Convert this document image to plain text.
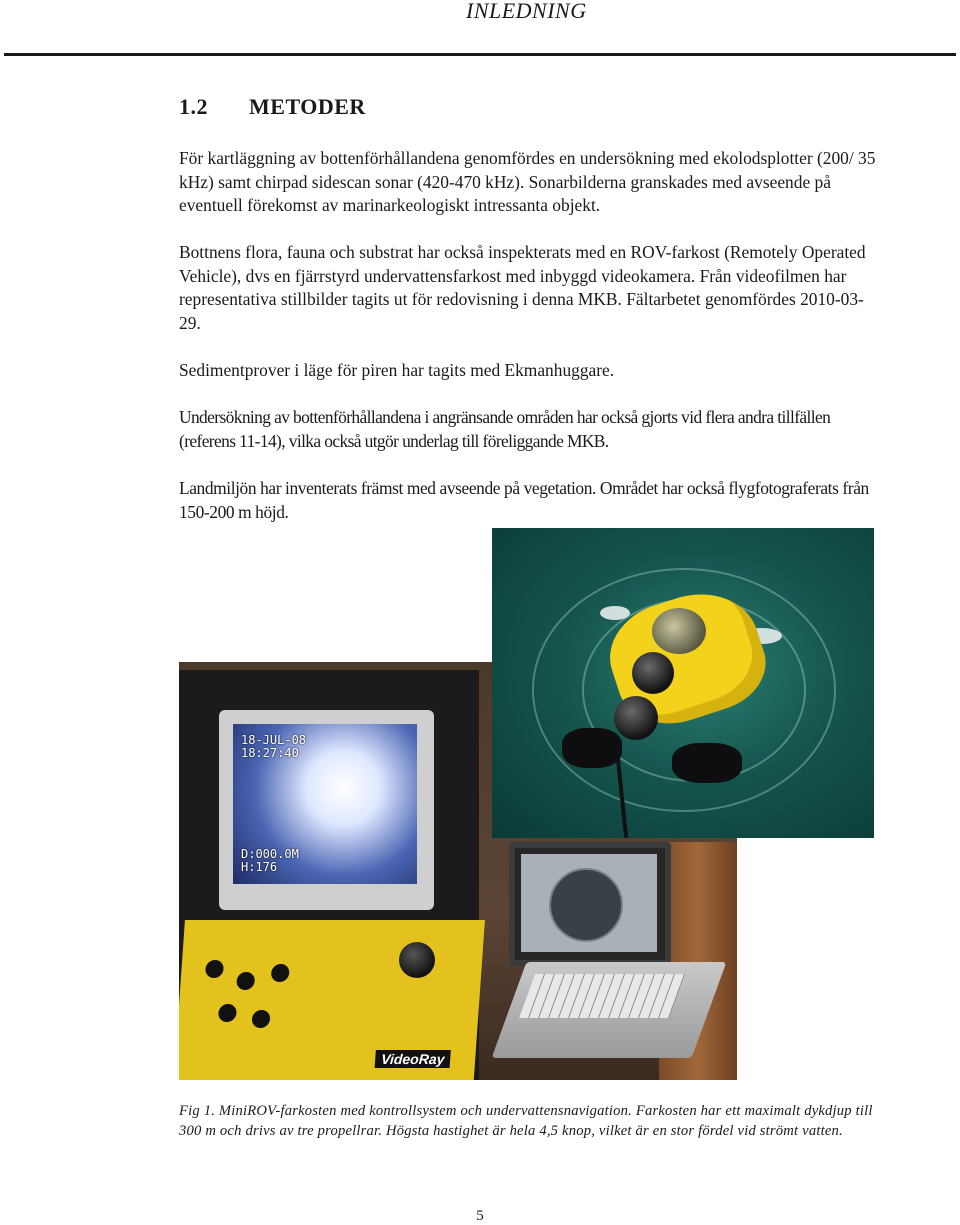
INLEDNING
1.2 METODER

För kartläggning av bottenförhållandena genomfördes en undersökning med ekolodsplotter (200/ 35 kHz) samt chirpad sidescan sonar (420-470 kHz). Sonarbilderna granskades med avseende på eventuell förekomst av marinarkeologiskt intressanta objekt.

Bottnens flora, fauna och substrat har också inspekterats med en ROV-farkost (Remotely Operated Vehicle), dvs en fjärrstyrd undervattensfarkost med inbyggd videokamera. Från videofilmen har representativa stillbilder tagits ut för redovisning i denna MKB. Fältarbetet genomfördes 2010-03-29.

Sedimentprover i läge för piren har tagits med Ekmanhuggare.

Undersökning av bottenförhållandena i angränsande områden har också gjorts vid flera andra tillfällen (referens 11-14), vilka också utgör underlag till föreliggande MKB.

Landmiljön har inventerats främst med avseende på vegetation. Området har också flygfotograferats från 150-200 m höjd.

18-JUL-08
18:27:40
D:000.0M
H:176
VideoRay

Fig 1. MiniROV-farkosten med kontrollsystem och undervattensnavigation. Farkosten har ett maximalt dykdjup till 300 m och drivs av tre propellrar. Högsta hastighet är hela 4,5 knop, vilket är en stor fördel vid strömt vatten.

5
